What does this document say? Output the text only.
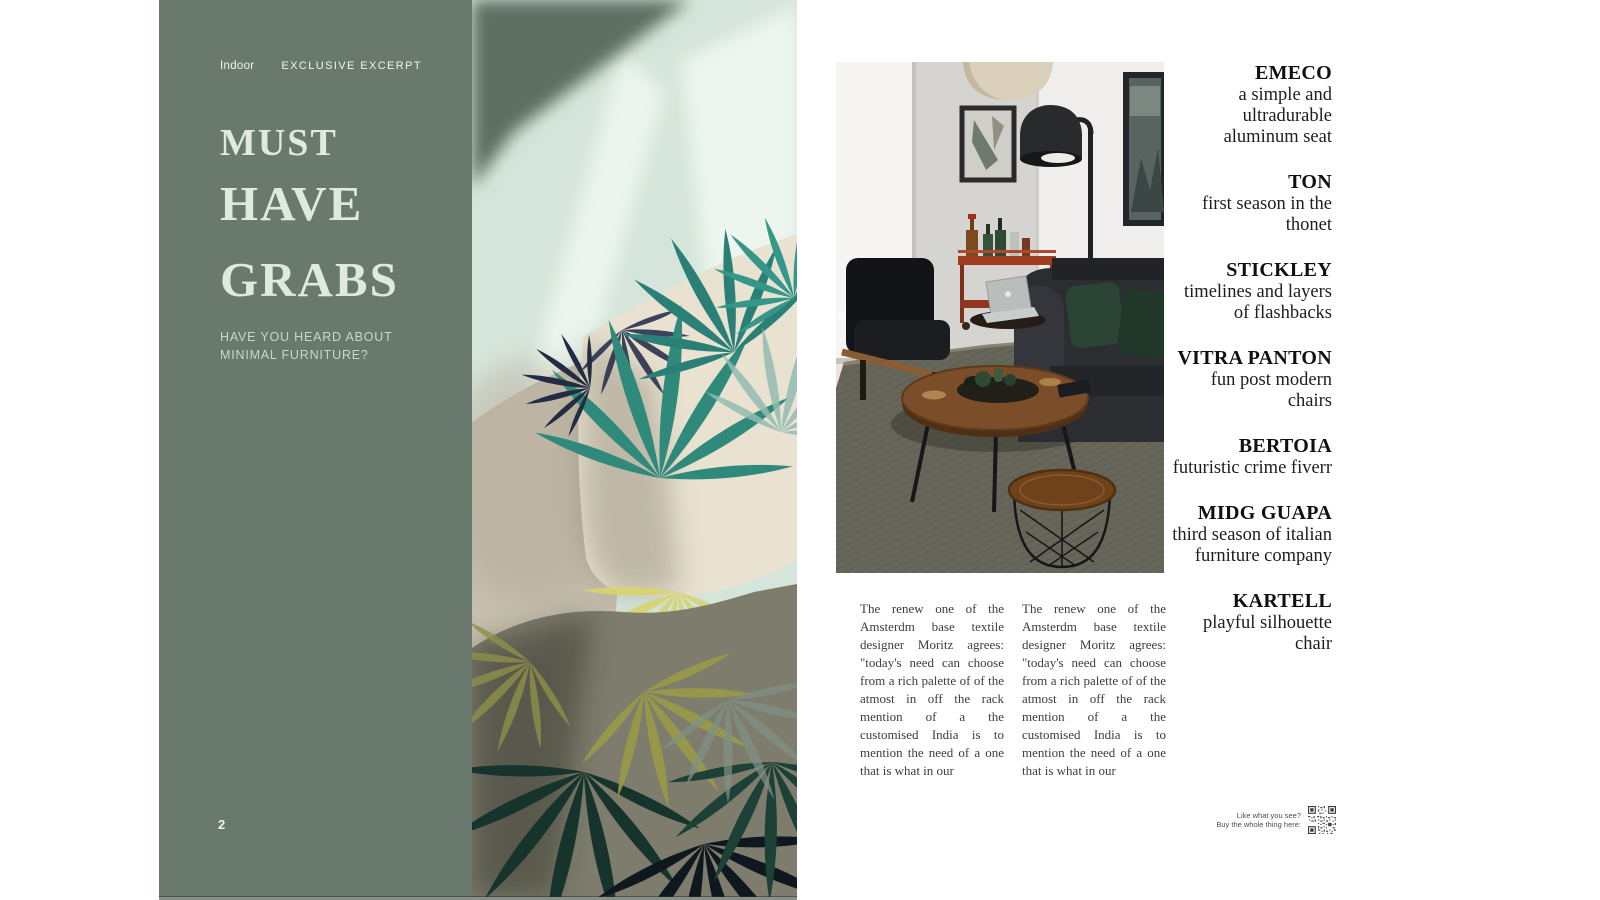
Indoor EXCLUSIVE EXCERPT
MUST
HAVE
GRABS

HAVE YOU HEARD ABOUT
MINIMAL FURNITURE?

2
The renew one of the Amsterdm base textile designer Moritz agrees: "today's need can choose from a rich palette of of the atmost in off the rack mention of a the customised India is to mention the need of a one that is what in our
The renew one of the Amsterdm base textile designer Moritz agrees: "today's need can choose from a rich palette of of the atmost in off the rack mention of a the customised India is to mention the need of a one that is what in our
EMECO

a simple and ultradurable aluminum seat

TON

first season in the thonet

STICKLEY

timelines and layers of flashbacks

VITRA PANTON

fun post modern chairs

BERTOIA

futuristic crime fiverr

MIDG GUAPA

third season of italian furniture company

KARTELL

playful silhouette chair

Like what you see?
Buy the whole thing here:
